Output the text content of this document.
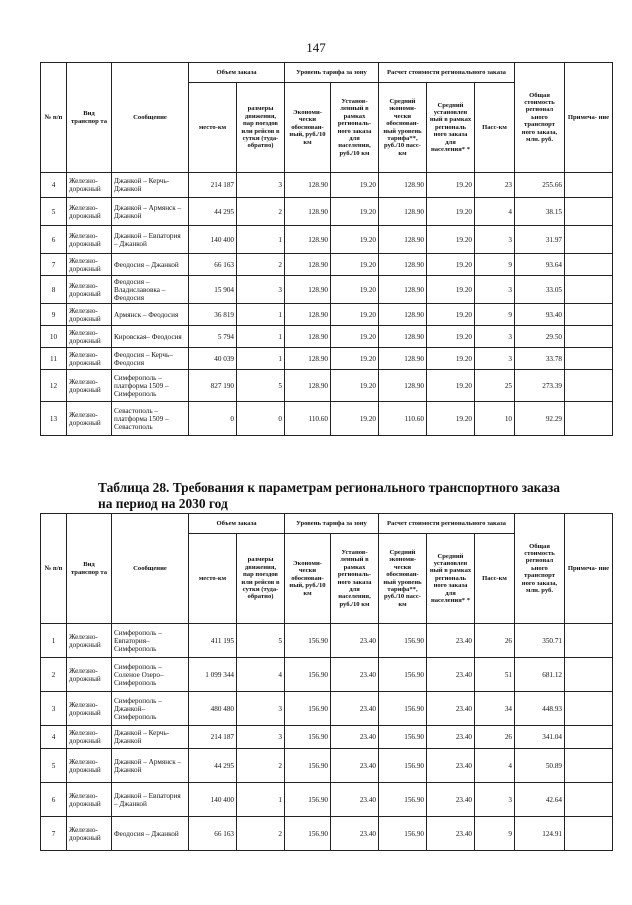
147
№ п/п	Вид транспор та	Сообщение	Объем заказа		Уровень тарифа за зону		Расчет стоимости регионального заказа			Общая стоимость регионал ьного транспорт ного заказа, млн. руб.	Примеча- ние
			место-км	размеры движения, пар поездов или рейсов в сутки (туда- обратно)	Экономи- чески обоснован- ный, руб./10 км	Установ- ленный в рамках региональ- ного заказа для населения, руб./10 км	Средний экономи- чески обоснован- ный уровень тарифа**, руб./10 пасс-км	Средний установлен ный в рамках региональ ного заказа для населения* *	Пасс-км		
4	Железно- дорожный	Джанкой – Керчь- Джанкой	214 187	3	128.90	19.20	128.90	19.20	23	255.66	
5	Железно- дорожный	Джанкой – Армянск – Джанкой	44 295	2	128.90	19.20	128.90	19.20	4	38.15	
6	Железно- дорожный	Джанкой – Евпатория – Джанкой	140 400	1	128.90	19.20	128.90	19.20	3	31.97	
7	Железно- дорожный	Феодосия – Джанкой	66 163	2	128.90	19.20	128.90	19.20	9	93.64	
8	Железно- дорожный	Феодосия – Владиславовка – Феодосия	15 904	3	128.90	19.20	128.90	19.20	3	33.05	
9	Железно- дорожный	Армянск – Феодосия	36 819	1	128.90	19.20	128.90	19.20	9	93.40	
10	Железно- дорожный	Кировская– Феодосия	5 794	1	128.90	19.20	128.90	19.20	3	29.50	
11	Железно- дорожный	Феодосия – Керчь– Феодосия	40 039	1	128.90	19.20	128.90	19.20	3	33.78	
12	Железно- дорожный	Симферополь – платформа 1509 – Симферополь	827 190	5	128.90	19.20	128.90	19.20	25	273.39	
13	Железно- дорожный	Севастополь – платформа 1509 – Севастополь	0	0	110.60	19.20	110.60	19.20	10	92.29	
Таблица 28. Требования к параметрам регионального транспортного заказа на период на 2030 год
№ п/п	Вид транспор та	Сообщение	Объем заказа		Уровень тарифа за зону		Расчет стоимости регионального заказа			Общая стоимость регионал ьного транспорт ного заказа, млн. руб.	Примеча- ние
			место-км	размеры движения, пар поездов или рейсов в сутки (туда- обратно)	Экономи- чески обоснован- ный, руб./10 км	Установ- ленный в рамках региональ- ного заказа для населения, руб./10 км	Средний экономи- чески обоснован- ный уровень тарифа**, руб./10 пасс-км	Средний установлен ный в рамках региональ ного заказа для населения* *	Пасс-км		
1	Железно- дорожный	Симферополь – Евпатория– Симферополь	411 195	5	156.90	23.40	156.90	23.40	26	350.71	
2	Железно- дорожный	Симферополь – Соленое Озеро– Симферополь	1 099 344	4	156.90	23.40	156.90	23.40	51	681.12	
3	Железно- дорожный	Симферополь – Джанкой– Симферополь	480 480	3	156.90	23.40	156.90	23.40	34	448.93	
4	Железно- дорожный	Джанкой – Керчь- Джанкой	214 187	3	156.90	23.40	156.90	23.40	26	341.04	
5	Железно- дорожный	Джанкой – Армянск – Джанкой	44 295	2	156.90	23.40	156.90	23.40	4	50.89	
6	Железно- дорожный	Джанкой – Евпатория – Джанкой	140 400	1	156.90	23.40	156.90	23.40	3	42.64	
7	Железно- дорожный	Феодосия – Джанкой	66 163	2	156.90	23.40	156.90	23.40	9	124.91	
